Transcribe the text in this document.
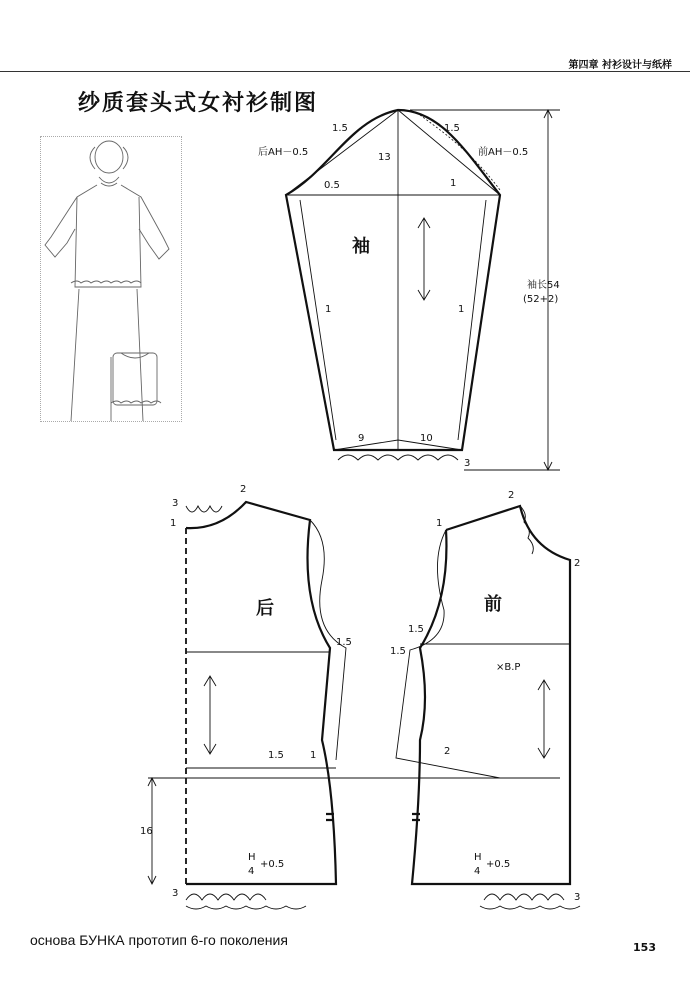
第四章 衬衫设计与纸样
纱质套头式女衬衫制图
袖
后AH－0.5	前AH－0.5
13
1.5	1.5
0.5	1
1	1
9	10
3
袖长54
(52+2)
后
3
1
2
1.5
1.5	1
16
H
4
+0.5
3
前
×B.P
1
2
2
1.5
1.5
2
H
4
+0.5
3
основа БУНКА прототип 6-го поколения	153
